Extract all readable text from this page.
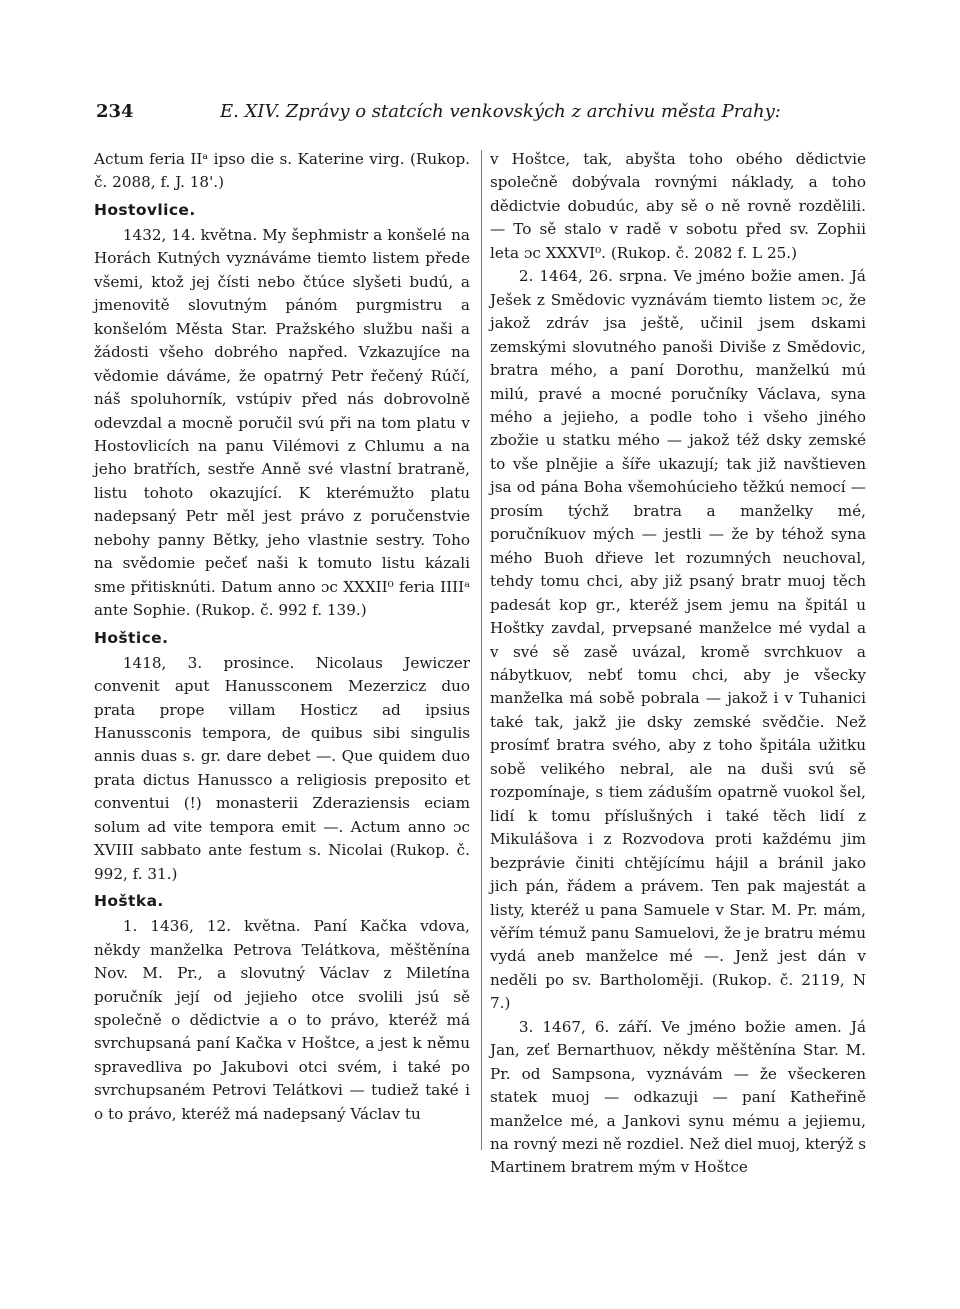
234	E. XIV. Zprávy o statcích venkovských z archivu města Prahy:

Actum feria IIᵃ ipso die s. Katerine virg. (Rukop. č. 2088, f. J. 18'.)

Hostovlice.

1432, 14. května. My šephmistr a konšelé na Horách Kutných vyznáváme tiemto listem přede všemi, ktož jej čísti nebo čtúce slyšeti budú, a jmenovitě slovutným pánóm purgmistru a konšelóm Města Star. Pražského službu naši a žádosti všeho dobrého napřed. Vzkazujíce na vědomie dáváme, že opatrný Petr řečený Rúčí, náš spoluhorník, vstúpiv před nás dobrovolně odevzdal a mocně poručil svú při na tom platu v Hostovlicích na panu Vilémovi z Chlumu a na jeho bratřích, sestře Anně své vlastní bratraně, listu tohoto okazující. K kterémužto platu nadepsaný Petr měl jest právo z poručenstvie nebohy panny Bětky, jeho vlastnie sestry. Toho na svědomie pečeť naši k tomuto listu kázali sme přitisknúti. Datum anno ɔc XXXII⁰ feria IIIIᵃ ante Sophie. (Rukop. č. 992 f. 139.)

Hoštice.

1418, 3. prosince. Nicolaus Jewiczer convenit aput Hanussconem Mezerzicz duo prata prope villam Hosticz ad ipsius Hanussconis tempora, de quibus sibi singulis annis duas s. gr. dare debet —. Que quidem duo prata dictus Hanussco a religiosis preposito et conventui (!) monasterii Zderaziensis eciam solum ad vite tempora emit —. Actum anno ɔc XVIII sabbato ante festum s. Nicolai (Rukop. č. 992, f. 31.)

Hoštka.

1. 1436, 12. května. Paní Kačka vdova, někdy manželka Petrova Telátkova, měštěnína Nov. M. Pr., a slovutný Václav z Miletína poručník její od jejieho otce svolili jsú sě společně o dědictvie a o to právo, kteréž má svrchupsaná paní Kačka v Hoštce, a jest k němu spravedliva po Jakubovi otci svém, i také po svrchupsaném Petrovi Telátkovi — tudiež také i o to právo, kteréž má nadepsaný Václav tu

v Hoštce, tak, abyšta toho obého dědictvie společně dobývala rovnými náklady, a toho dědictvie dobudúc, aby sě o ně rovně rozdělili. — To sě stalo v radě v sobotu před sv. Zophii leta ɔc XXXVI⁰. (Rukop. č. 2082 f. L 25.)

2. 1464, 26. srpna. Ve jméno božie amen. Já Ješek z Smědovic vyznávám tiemto listem ɔc, že jakož zdráv jsa ještě, učinil jsem dskami zemskými slovutného panoši Diviše z Smědovic, bratra mého, a paní Dorothu, manželkú mú milú, pravé a mocné poručníky Václava, syna mého a jejieho, a podle toho i všeho jiného zbožie u statku mého — jakož též dsky zemské to vše plnějie a šíře ukazují; tak již navštieven jsa od pána Boha všemohúcieho těžkú nemocí — prosím týchž bratra a manželky mé, poručníkuov mých — jestli — že by téhož syna mého Buoh dřieve let rozumných neuchoval, tehdy tomu chci, aby již psaný bratr muoj těch padesát kop gr., kteréž jsem jemu na špitál u Hoštky zavdal, prvepsané manželce mé vydal a v své sě zasě uvázal, kromě svrchkuov a nábytkuov, nebť tomu chci, aby je všecky manželka má sobě pobrala — jakož i v Tuhanici také tak, jakž jie dsky zemské svědčie. Než prosímť bratra svého, aby z toho špitála užitku sobě velikého nebral, ale na duši svú sě rozpomínaje, s tiem záduším opatrně vuokol šel, lidí k tomu příslušných i také těch lidí z Mikulášova i z Rozvodova proti každému jim bezprávie činiti chtějícímu hájil a bránil jako jich pán, řádem a právem. Ten pak majestát a listy, kteréž u pana Samuele v Star. M. Pr. mám, věřím témuž panu Samuelovi, že je bratru mému vydá aneb manželce mé —. Jenž jest dán v neděli po sv. Bartholoměji. (Rukop. č. 2119, N 7.)

3. 1467, 6. září. Ve jméno božie amen. Já Jan, zeť Bernarthuov, někdy měštěnína Star. M. Pr. od Sampsona, vyznávám — že všeckeren statek muoj — odkazuji — paní Katheřině manželce mé, a Jankovi synu mému a jejiemu, na rovný mezi ně rozdiel. Než diel muoj, kterýž s Martinem bratrem mým v Hoštce
